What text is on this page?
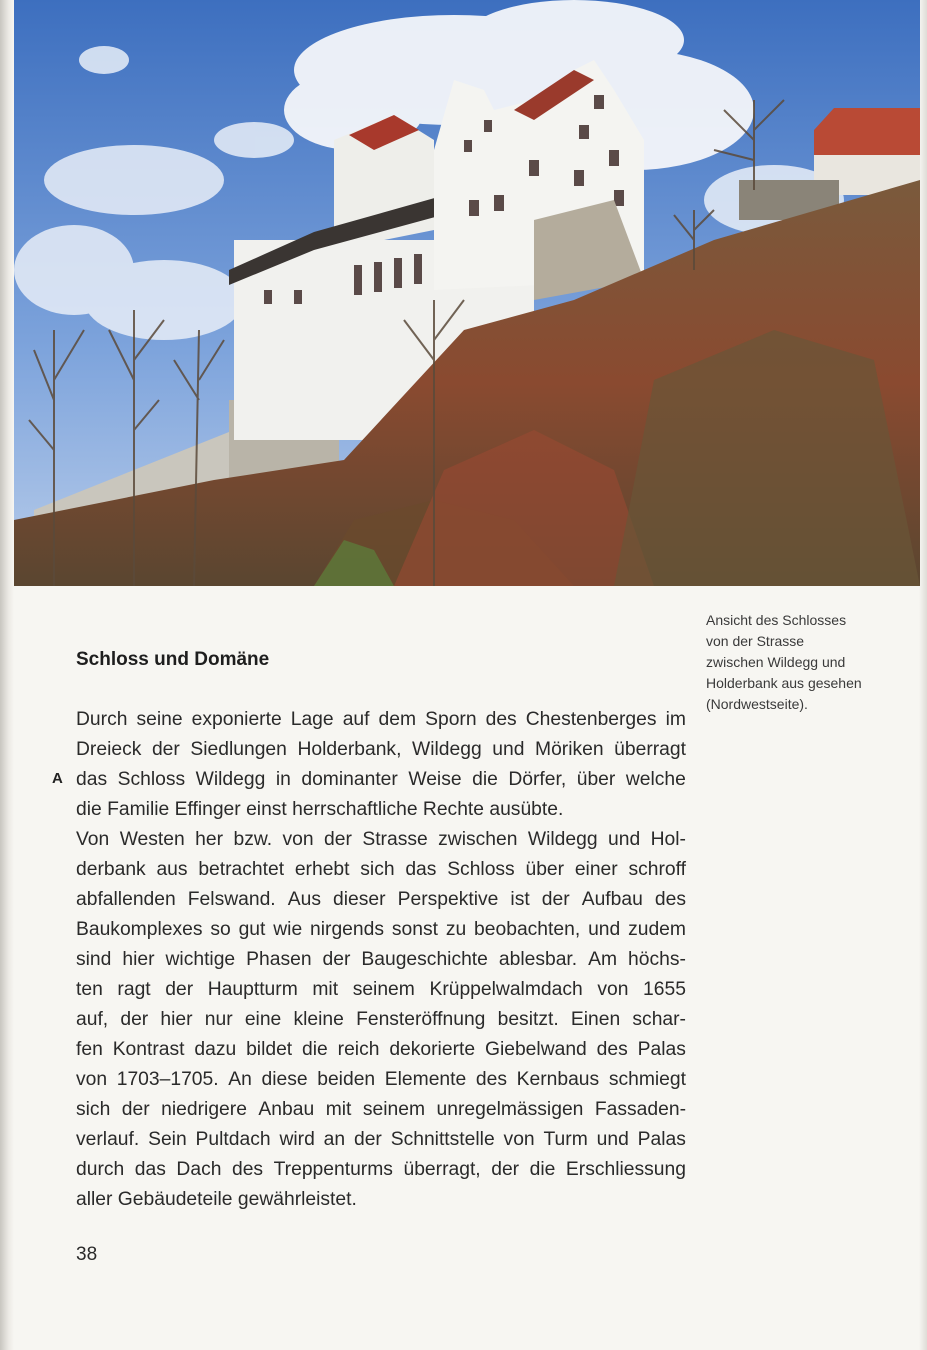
Ansicht des Schlosses
von der Strasse
zwischen Wildegg und
Holderbank aus gesehen
(Nordwestseite).
Schloss und Domäne
A
Durch seine exponierte Lage auf dem Sporn des Chestenberges im
Dreieck der Siedlungen Holderbank, Wildegg und Möriken überragt
das Schloss Wildegg in dominanter Weise die Dörfer, über welche
die Familie Effinger einst herrschaftliche Rechte ausübte.
Von Westen her bzw. von der Strasse zwischen Wildegg und Hol-
derbank aus betrachtet erhebt sich das Schloss über einer schroff
abfallenden Felswand. Aus dieser Perspektive ist der Aufbau des
Baukomplexes so gut wie nirgends sonst zu beobachten, und zudem
sind hier wichtige Phasen der Baugeschichte ablesbar. Am höchs-
ten ragt der Hauptturm mit seinem Krüppelwalmdach von 1655
auf, der hier nur eine kleine Fensteröffnung besitzt. Einen schar-
fen Kontrast dazu bildet die reich dekorierte Giebelwand des Palas
von 1703–1705. An diese beiden Elemente des Kernbaus schmiegt
sich der niedrigere Anbau mit seinem unregelmässigen Fassaden-
verlauf. Sein Pultdach wird an der Schnittstelle von Turm und Palas
durch das Dach des Treppenturms überragt, der die Erschliessung
aller Gebäudeteile gewährleistet.
38
